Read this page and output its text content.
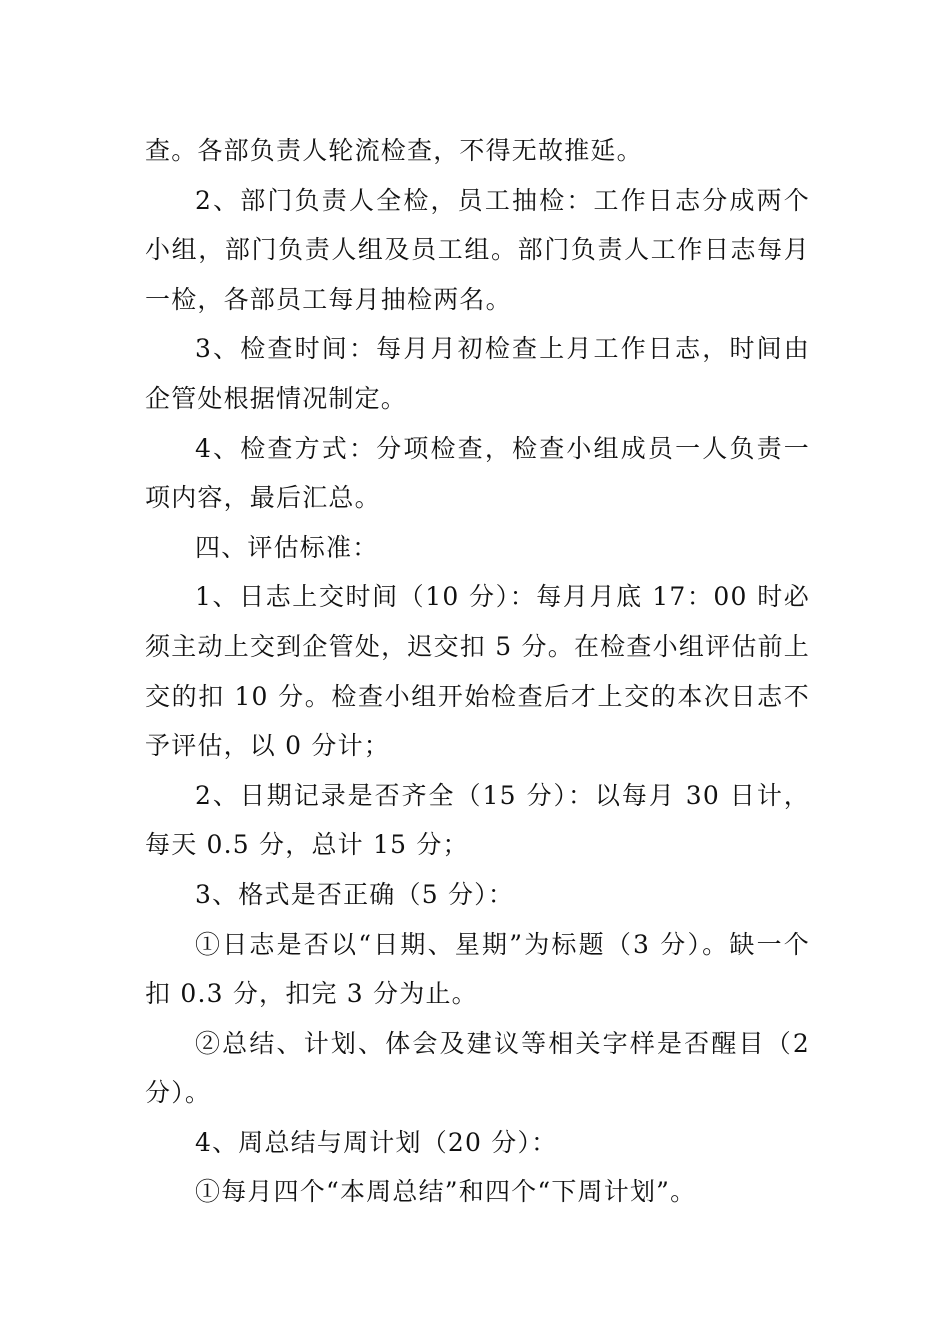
查。各部负责人轮流检查，不得无故推延。

2、部门负责人全检，员工抽检：工作日志分成两个小组，部门负责人组及员工组。部门负责人工作日志每月一检，各部员工每月抽检两名。

3、检查时间：每月月初检查上月工作日志，时间由企管处根据情况制定。

4、检查方式：分项检查，检查小组成员一人负责一项内容，最后汇总。

四、评估标准：

1、日志上交时间（10 分）：每月月底 17：00 时必须主动上交到企管处，迟交扣 5 分。在检查小组评估前上交的扣 10 分。检查小组开始检查后才上交的本次日志不予评估，以 0 分计；

2、日期记录是否齐全（15 分）：以每月 30 日计，每天 0.5 分，总计 15 分；

3、格式是否正确（5 分）：

①日志是否以“日期、星期”为标题（3 分）。缺一个扣 0.3 分，扣完 3 分为止。

②总结、计划、体会及建议等相关字样是否醒目（2 分）。

4、周总结与周计划（20 分）：

①每月四个“本周总结”和四个“下周计划”。
